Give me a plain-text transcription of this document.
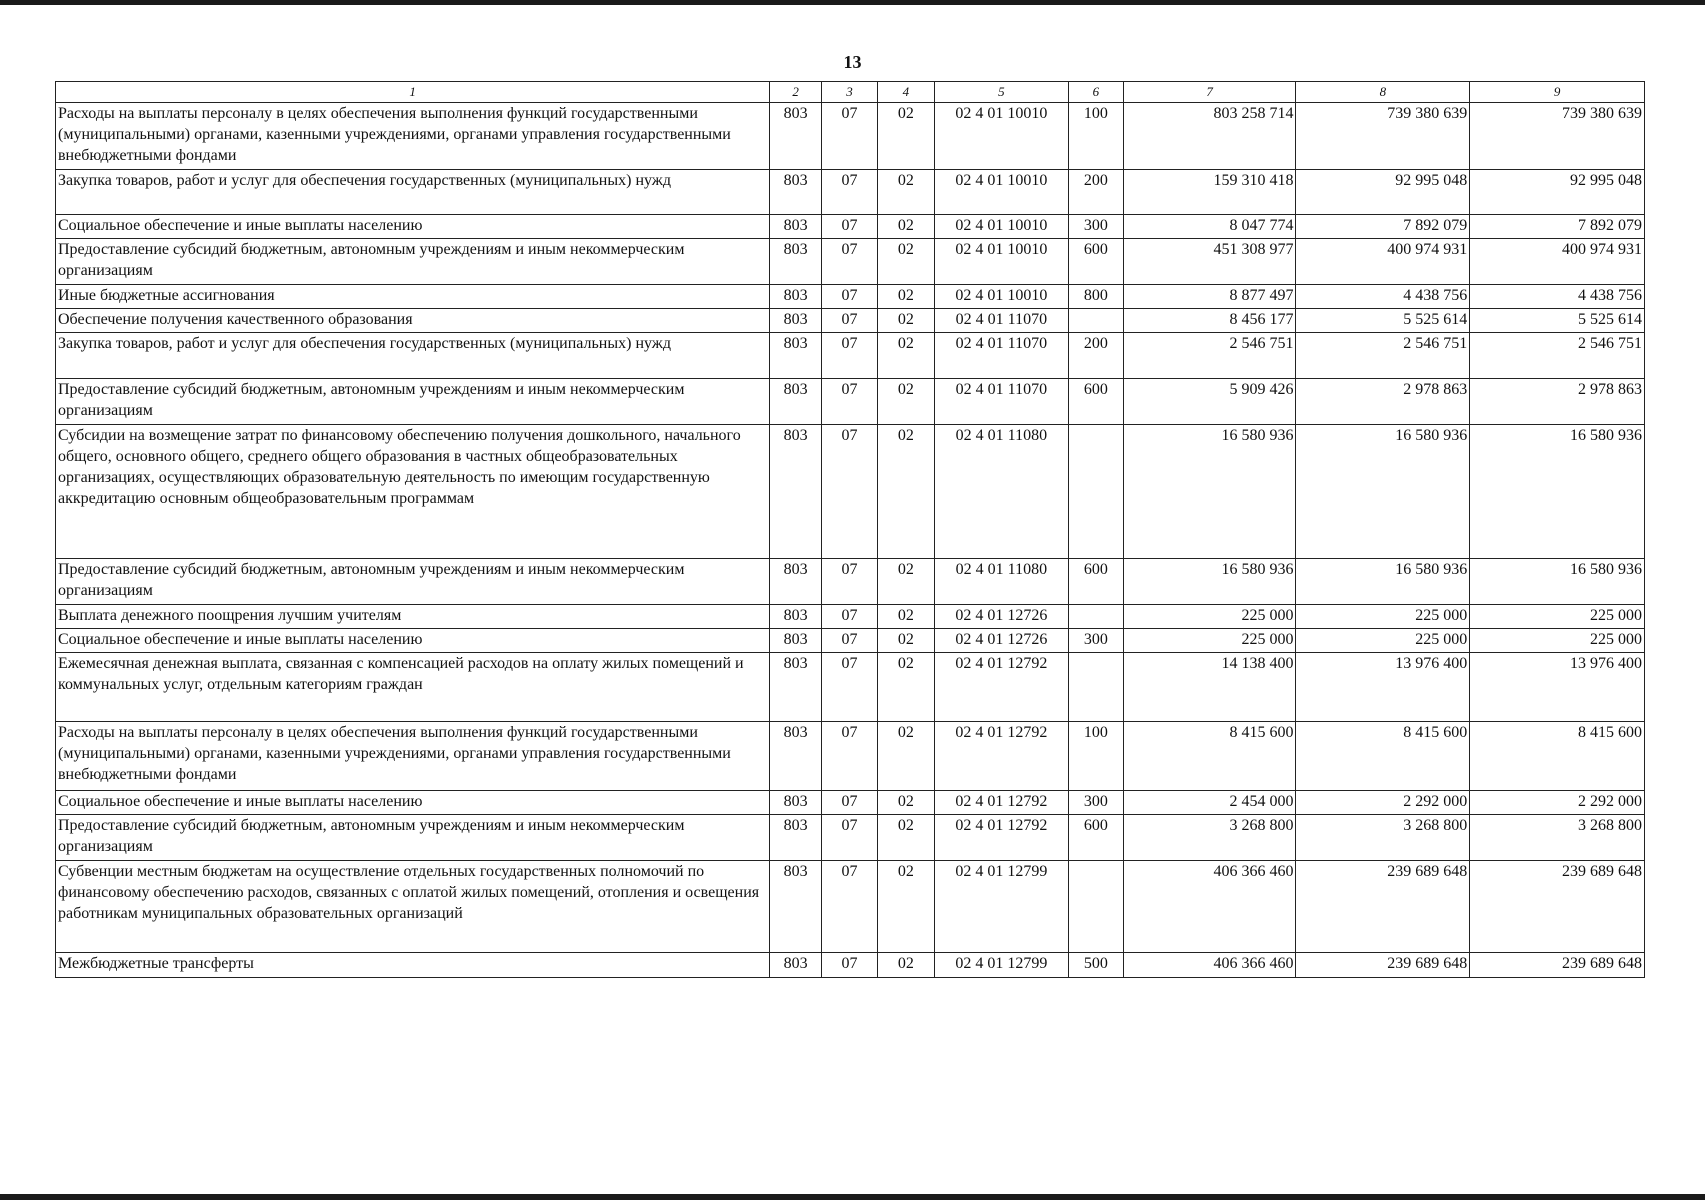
13
1	2	3	4	5	6	7	8	9
Расходы на выплаты персоналу в целях обеспечения выполнения функций государственными (муниципальными) органами, казенными учреждениями, органами управления государственными внебюджетными фондами	803	07	02	02 4 01 10010	100	803 258 714	739 380 639	739 380 639
Закупка товаров, работ и услуг для обеспечения государственных (муниципальных) нужд	803	07	02	02 4 01 10010	200	159 310 418	92 995 048	92 995 048
Социальное обеспечение и иные выплаты населению	803	07	02	02 4 01 10010	300	8 047 774	7 892 079	7 892 079
Предоставление субсидий бюджетным, автономным учреждениям и иным некоммерческим организациям	803	07	02	02 4 01 10010	600	451 308 977	400 974 931	400 974 931
Иные бюджетные ассигнования	803	07	02	02 4 01 10010	800	8 877 497	4 438 756	4 438 756
Обеспечение получения качественного образования	803	07	02	02 4 01 11070		8 456 177	5 525 614	5 525 614
Закупка товаров, работ и услуг для обеспечения государственных (муниципальных) нужд	803	07	02	02 4 01 11070	200	2 546 751	2 546 751	2 546 751
Предоставление субсидий бюджетным, автономным учреждениям и иным некоммерческим организациям	803	07	02	02 4 01 11070	600	5 909 426	2 978 863	2 978 863
Субсидии на возмещение затрат по финансовому обеспечению получения дошкольного, начального общего, основного общего, среднего общего образования в частных общеобразовательных организациях, осуществляющих образовательную деятельность по имеющим государственную аккредитацию основным общеобразовательным программам	803	07	02	02 4 01 11080		16 580 936	16 580 936	16 580 936
Предоставление субсидий бюджетным, автономным учреждениям и иным некоммерческим организациям	803	07	02	02 4 01 11080	600	16 580 936	16 580 936	16 580 936
Выплата денежного поощрения лучшим учителям	803	07	02	02 4 01 12726		225 000	225 000	225 000
Социальное обеспечение и иные выплаты населению	803	07	02	02 4 01 12726	300	225 000	225 000	225 000
Ежемесячная денежная выплата, связанная с компенсацией расходов на оплату жилых помещений и коммунальных услуг, отдельным категориям граждан	803	07	02	02 4 01 12792		14 138 400	13 976 400	13 976 400
Расходы на выплаты персоналу в целях обеспечения выполнения функций государственными (муниципальными) органами, казенными учреждениями, органами управления государственными внебюджетными фондами	803	07	02	02 4 01 12792	100	8 415 600	8 415 600	8 415 600
Социальное обеспечение и иные выплаты населению	803	07	02	02 4 01 12792	300	2 454 000	2 292 000	2 292 000
Предоставление субсидий бюджетным, автономным учреждениям и иным некоммерческим организациям	803	07	02	02 4 01 12792	600	3 268 800	3 268 800	3 268 800
Субвенции местным бюджетам на осуществление отдельных государственных полномочий по финансовому обеспечению расходов, связанных с оплатой жилых помещений, отопления и освещения работникам муниципальных образовательных организаций	803	07	02	02 4 01 12799		406 366 460	239 689 648	239 689 648
Межбюджетные трансферты	803	07	02	02 4 01 12799	500	406 366 460	239 689 648	239 689 648
